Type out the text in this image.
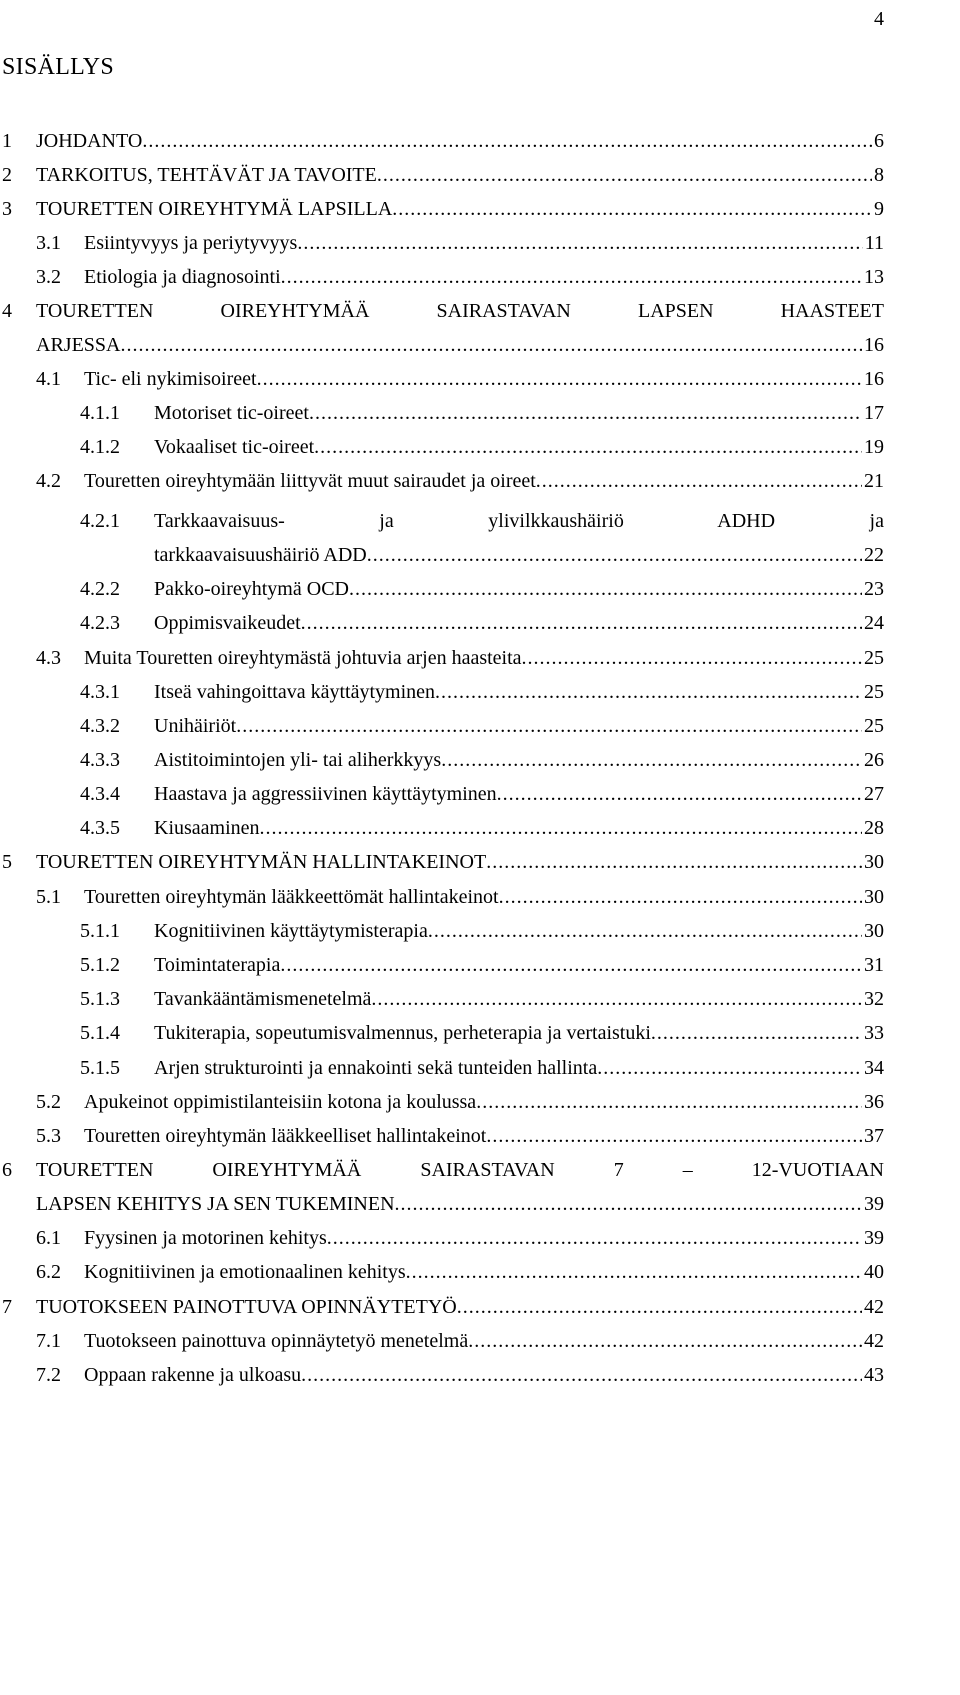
4
SISÄLLYS
1 JOHDANTO . . .	6
2 TARKOITUS, TEHTÄVÄT JA TAVOITE . . .	8
3 TOURETTEN OIREYHTYMÄ LAPSILLA . . .	9
3.1 Esiintyvyys ja periytyvyys . . .	11
3.2 Etiologia ja diagnosointi . . .	13
4 TOURETTEN OIREYHTYMÄÄ SAIRASTAVAN LAPSEN HAASTEET
ARJESSA . . .	16
4.1 Tic- eli nykimisoireet . . .	16
4.1.1 Motoriset tic-oireet . . .	17
4.1.2 Vokaaliset tic-oireet . . .	19
4.2 Touretten oireyhtymään liittyvät muut sairaudet ja oireet . . .	21
4.2.1 Tarkkaavaisuus- ja ylivilkkaushäiriö ADHD ja
tarkkaavaisuushäiriö ADD . . .	22
4.2.2 Pakko-oireyhtymä OCD . . .	23
4.2.3 Oppimisvaikeudet . . .	24
4.3 Muita Touretten oireyhtymästä johtuvia arjen haasteita . . .	25
4.3.1 Itseä vahingoittava käyttäytyminen . . .	25
4.3.2 Unihäiriöt . . .	25
4.3.3 Aistitoimintojen yli- tai aliherkkyys . . .	26
4.3.4 Haastava ja aggressiivinen käyttäytyminen . . .	27
4.3.5 Kiusaaminen . . .	28
5 TOURETTEN OIREYHTYMÄN HALLINTAKEINOT . . .	30
5.1 Touretten oireyhtymän lääkkeettömät hallintakeinot . . .	30
5.1.1 Kognitiivinen käyttäytymisterapia . . .	30
5.1.2 Toimintaterapia . . .	31
5.1.3 Tavankääntämismenetelmä . . .	32
5.1.4 Tukiterapia, sopeutumisvalmennus, perheterapia ja vertaistuki . . .	33
5.1.5 Arjen strukturointi ja ennakointi sekä tunteiden hallinta . . .	34
5.2 Apukeinot oppimistilanteisiin kotona ja koulussa . . .	36
5.3 Touretten oireyhtymän lääkkeelliset hallintakeinot . . .	37
6 TOURETTEN OIREYHTYMÄÄ SAIRASTAVAN 7 – 12-VUOTIAAN
LAPSEN KEHITYS JA SEN TUKEMINEN . . .	39
6.1 Fyysinen ja motorinen kehitys . . .	39
6.2 Kognitiivinen ja emotionaalinen kehitys . . .	40
7 TUOTOKSEEN PAINOTTUVA OPINNÄYTETYÖ . . .	42
7.1 Tuotokseen painottuva opinnäytetyö menetelmä . . .	42
7.2 Oppaan rakenne ja ulkoasu . . .	43
